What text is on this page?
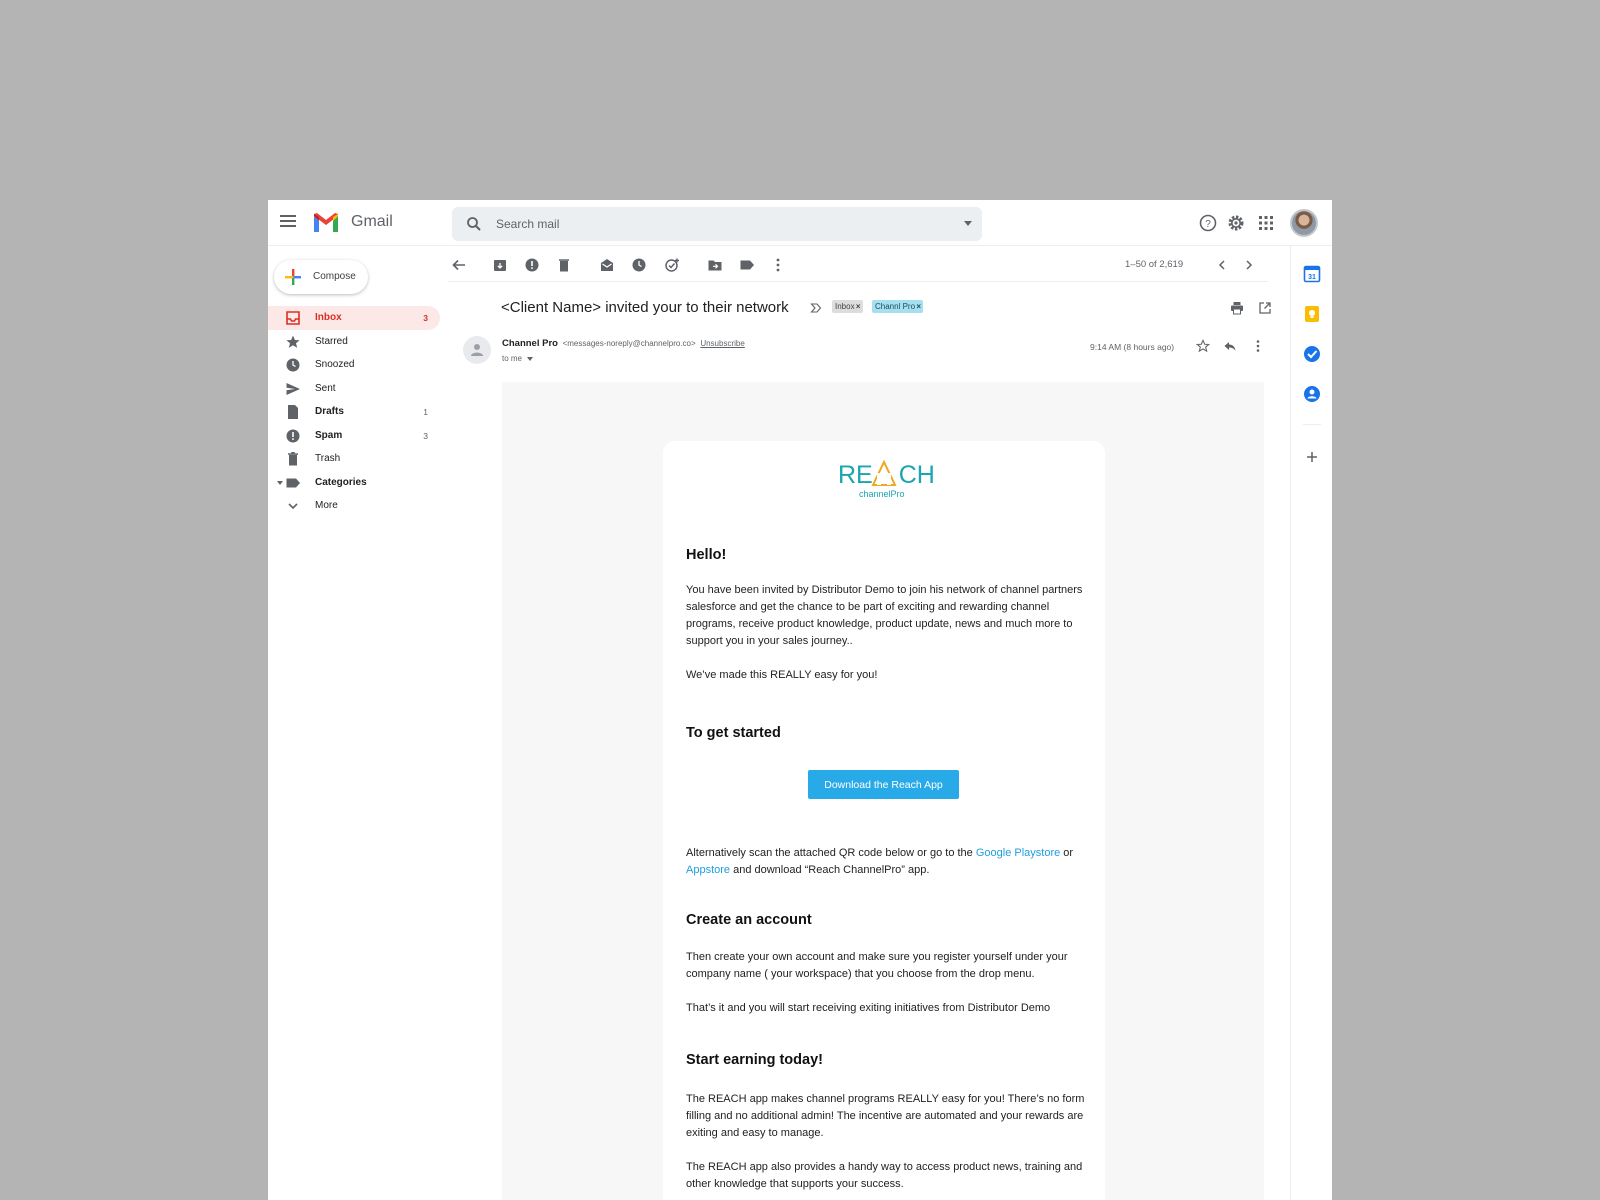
Gmail
Search mail	?
Compose
Inbox	3
Starred
Snoozed
Sent
Drafts	1
Spam	3
Trash
Categories
More
1–50 of 2,619
<Client Name> invited your to their network	Inbox ×	Channl Pro ×
Channel Pro <messages-noreply@channelpro.co> Unsubscribe
to me
9:14 AM (8 hours ago)
RE CH
channelPro
Hello!

You have been invited by Distributor Demo to join his network of channel partners salesforce and get the chance to be part of exciting and rewarding channel programs, receive product knowledge, product update, news and much more to support you in your sales journey..

We’ve made this REALLY easy for you!

To get started
Download the Reach App

Alternatively scan the attached QR code below or go to the Google Playstore or Appstore and download “Reach ChannelPro” app.

Create an account

Then create your own account and make sure you register yourself under your company name ( your workspace) that you choose from the drop menu.

That’s it and you will start receiving exiting initiatives from Distributor Demo

Start earning today!

The REACH app makes channel programs REALLY easy for you! There’s no form filling and no additional admin! The incentive are automated and your rewards are exiting and easy to manage.

The REACH app also provides a handy way to access product news, training and other knowledge that supports your success.

31
